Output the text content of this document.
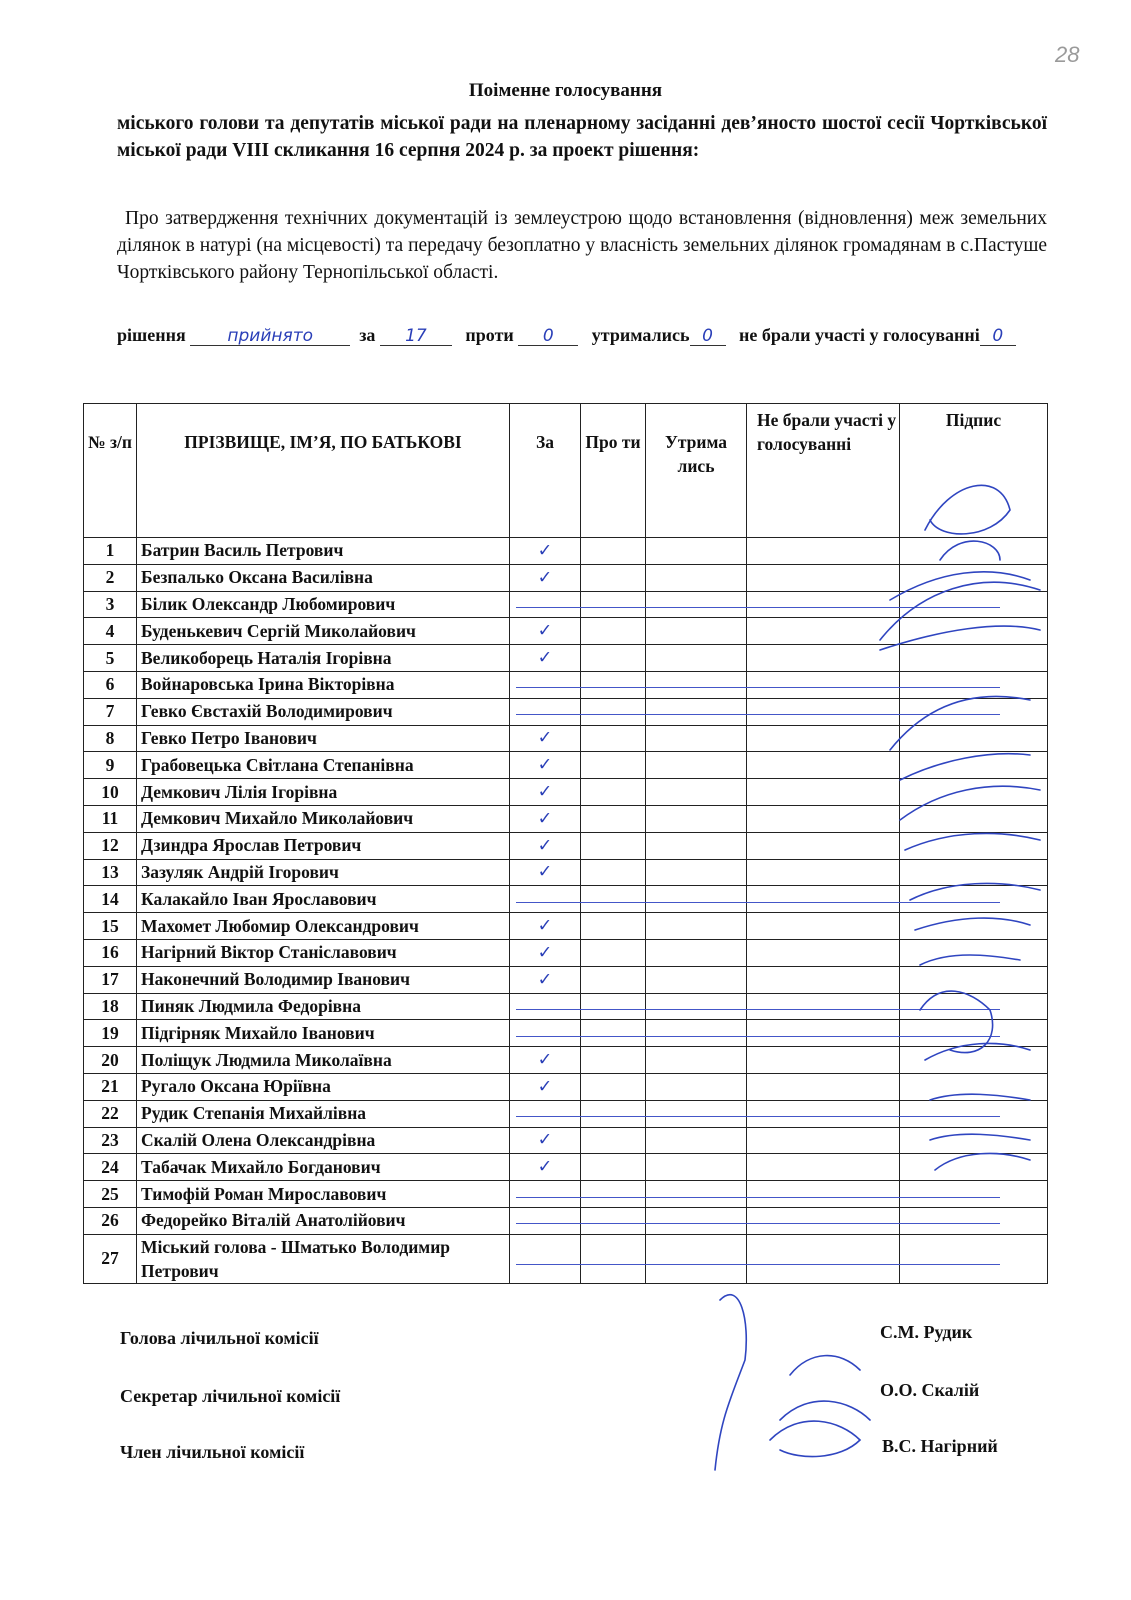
28
Поіменне голосування
міського голови та депутатів міської ради на пленарному засіданні дев’яносто шостої сесії Чортківської міської ради VIII скликання 16 серпня 2024 р. за проект рішення:
Про затвердження технічних документацій із землеустрою щодо встановлення (відновлення) меж земельних ділянок в натурі (на місцевості) та передачу безоплатно у власність земельних ділянок громадянам в с.Пастуше Чортківського району Тернопільської області.
рішення прийнято	за 17 проти 0 утримались 0 не брали участі у голосуванні 0
№ з/п	ПРІЗВИЩЕ, ІМ’Я, ПО БАТЬКОВІ	За	Про ти	Утрима лись	Не брали участі у голосуванні	Підпис
1	Батрин Василь Петрович	✓				
2	Безпалько Оксана Василівна	✓				
3	Білик Олександр Любомирович					
4	Буденькевич Сергій Миколайович	✓				
5	Великоборець Наталія Ігорівна	✓				
6	Войнаровська Ірина Вікторівна					
7	Гевко Євстахій Володимирович					
8	Гевко Петро Іванович	✓				
9	Грабовецька Світлана Степанівна	✓				
10	Демкович Лілія Ігорівна	✓				
11	Демкович Михайло Миколайович	✓				
12	Дзиндра Ярослав Петрович	✓				
13	Зазуляк Андрій Ігорович	✓				
14	Калакайло Іван Ярославович					
15	Махомет Любомир Олександрович	✓				
16	Нагірний Віктор Станіславович	✓				
17	Наконечний Володимир Іванович	✓				
18	Пиняк Людмила Федорівна					
19	Підгірняк Михайло Іванович					
20	Поліщук Людмила Миколаївна	✓				
21	Ругало Оксана Юріївна	✓				
22	Рудик Степанія Михайлівна					
23	Скалій Олена Олександрівна	✓				
24	Табачак Михайло Богданович	✓				
25	Тимофій Роман Мирославович					
26	Федорейко Віталій Анатолійович					
27	Міський голова - Шматько Володимир Петрович					
Голова лічильної комісії	С.М. Рудик
Секретар лічильної комісії	О.О. Скалій
Член лічильної комісії	В.С. Нагірний
